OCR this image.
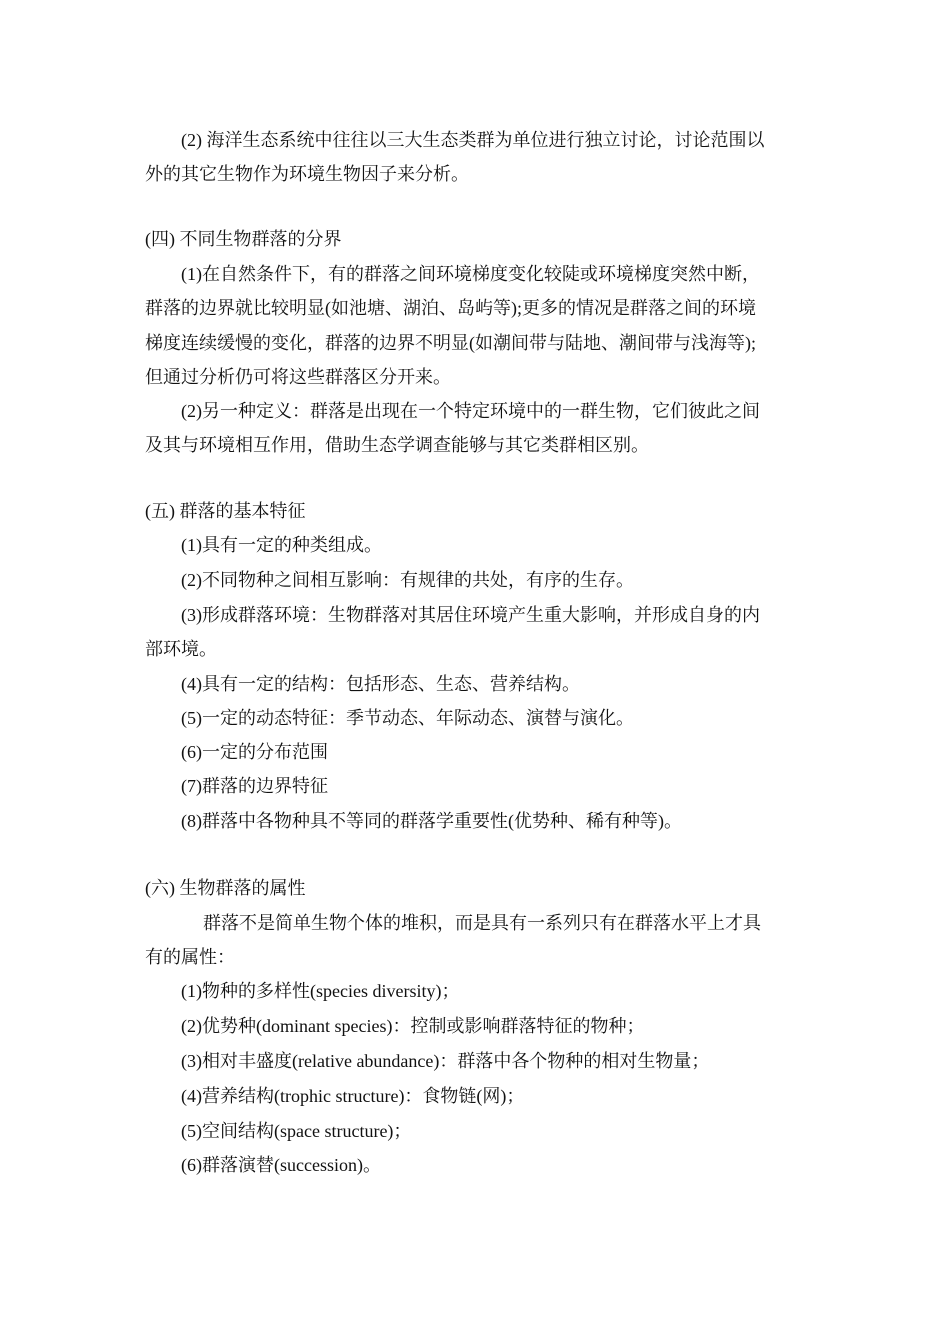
(2) 海洋生态系统中往往以三大生态类群为单位进行独立讨论，讨论范围以
外的其它生物作为环境生物因子来分析。
(四) 不同生物群落的分界
(1)在自然条件下，有的群落之间环境梯度变化较陡或环境梯度突然中断，
群落的边界就比较明显(如池塘、湖泊、岛屿等);更多的情况是群落之间的环境
梯度连续缓慢的变化，群落的边界不明显(如潮间带与陆地、潮间带与浅海等);
但通过分析仍可将这些群落区分开来。
(2)另一种定义：群落是出现在一个特定环境中的一群生物，它们彼此之间
及其与环境相互作用，借助生态学调查能够与其它类群相区别。
(五) 群落的基本特征
(1)具有一定的种类组成。
(2)不同物种之间相互影响：有规律的共处，有序的生存。
(3)形成群落环境：生物群落对其居住环境产生重大影响，并形成自身的内
部环境。
(4)具有一定的结构：包括形态、生态、营养结构。
(5)一定的动态特征：季节动态、年际动态、演替与演化。
(6)一定的分布范围
(7)群落的边界特征
(8)群落中各物种具不等同的群落学重要性(优势种、稀有种等)。
(六) 生物群落的属性
群落不是简单生物个体的堆积，而是具有一系列只有在群落水平上才具
有的属性：
(1)物种的多样性(species diversity)；
(2)优势种(dominant species)：控制或影响群落特征的物种；
(3)相对丰盛度(relative abundance)：群落中各个物种的相对生物量；
(4)营养结构(trophic structure)：食物链(网)；
(5)空间结构(space structure)；
(6)群落演替(succession)。
